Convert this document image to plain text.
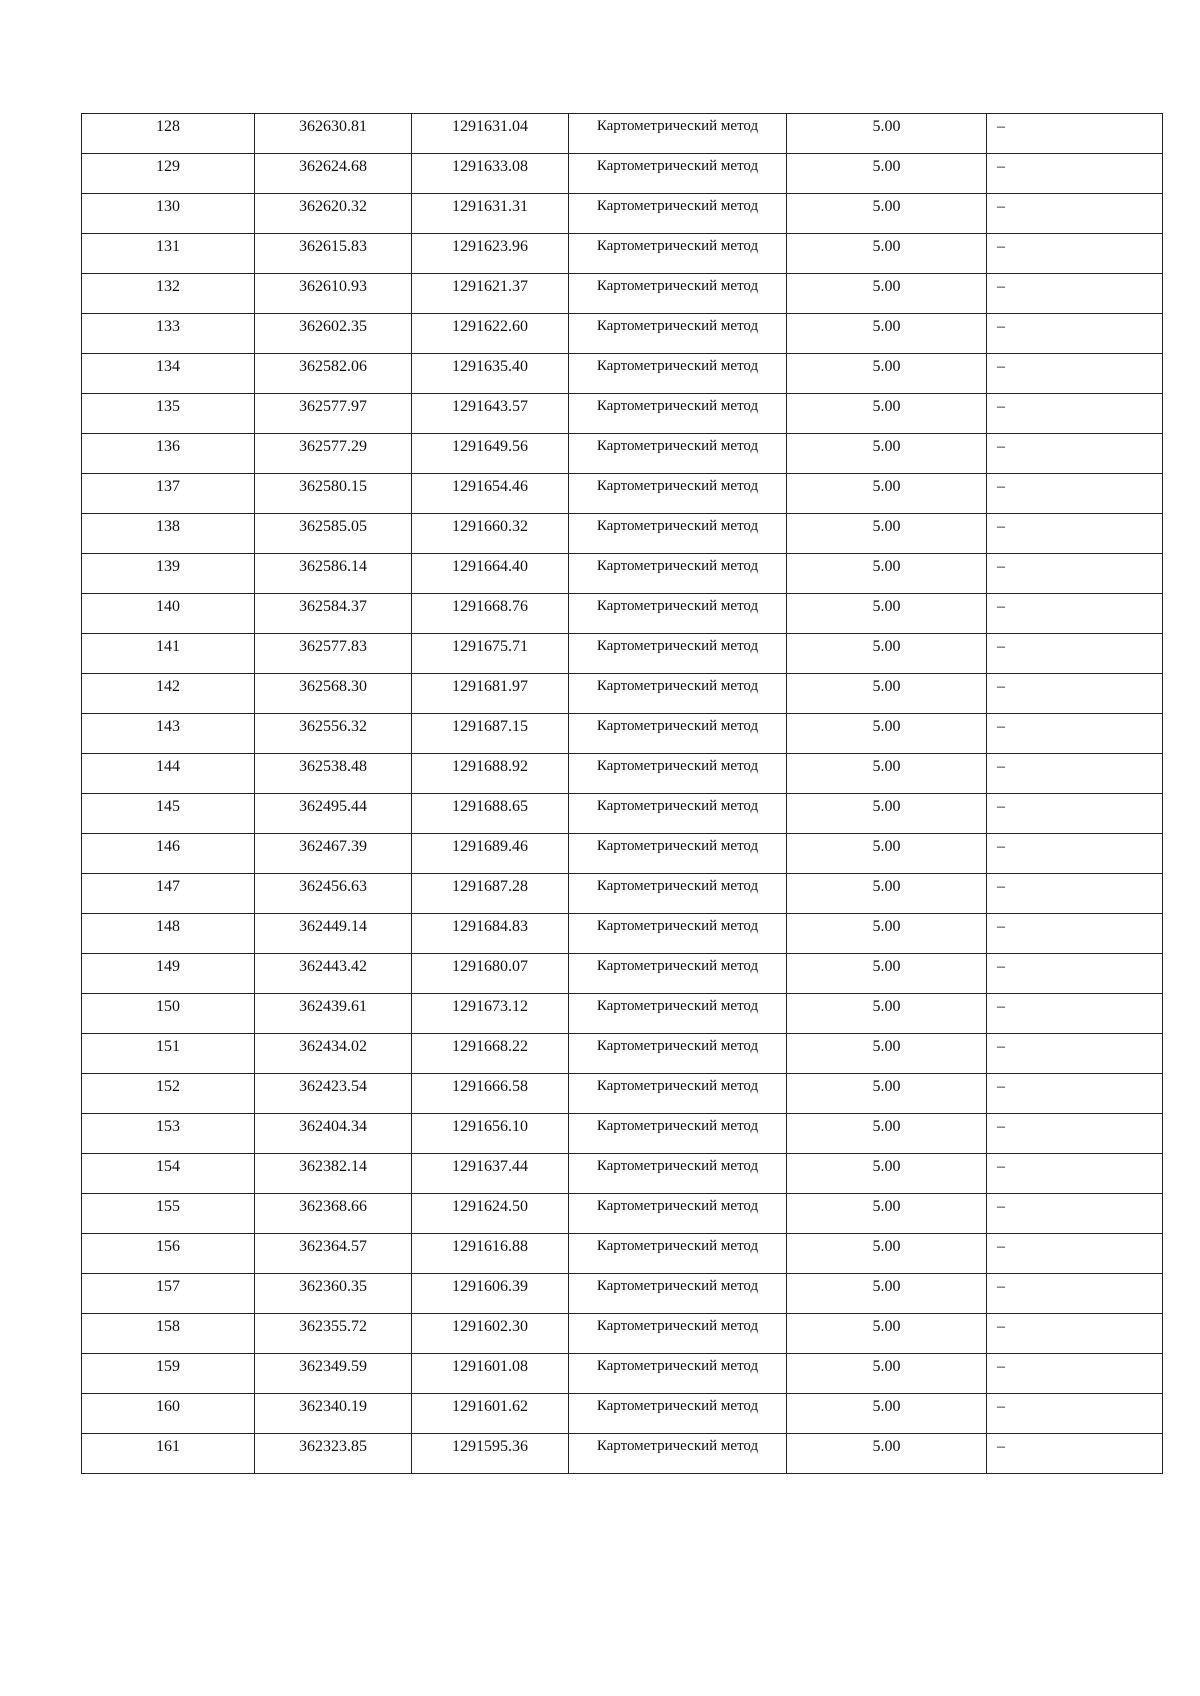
128	362630.81	1291631.04	Картометрический метод	5.00	–
129	362624.68	1291633.08	Картометрический метод	5.00	–
130	362620.32	1291631.31	Картометрический метод	5.00	–
131	362615.83	1291623.96	Картометрический метод	5.00	–
132	362610.93	1291621.37	Картометрический метод	5.00	–
133	362602.35	1291622.60	Картометрический метод	5.00	–
134	362582.06	1291635.40	Картометрический метод	5.00	–
135	362577.97	1291643.57	Картометрический метод	5.00	–
136	362577.29	1291649.56	Картометрический метод	5.00	–
137	362580.15	1291654.46	Картометрический метод	5.00	–
138	362585.05	1291660.32	Картометрический метод	5.00	–
139	362586.14	1291664.40	Картометрический метод	5.00	–
140	362584.37	1291668.76	Картометрический метод	5.00	–
141	362577.83	1291675.71	Картометрический метод	5.00	–
142	362568.30	1291681.97	Картометрический метод	5.00	–
143	362556.32	1291687.15	Картометрический метод	5.00	–
144	362538.48	1291688.92	Картометрический метод	5.00	–
145	362495.44	1291688.65	Картометрический метод	5.00	–
146	362467.39	1291689.46	Картометрический метод	5.00	–
147	362456.63	1291687.28	Картометрический метод	5.00	–
148	362449.14	1291684.83	Картометрический метод	5.00	–
149	362443.42	1291680.07	Картометрический метод	5.00	–
150	362439.61	1291673.12	Картометрический метод	5.00	–
151	362434.02	1291668.22	Картометрический метод	5.00	–
152	362423.54	1291666.58	Картометрический метод	5.00	–
153	362404.34	1291656.10	Картометрический метод	5.00	–
154	362382.14	1291637.44	Картометрический метод	5.00	–
155	362368.66	1291624.50	Картометрический метод	5.00	–
156	362364.57	1291616.88	Картометрический метод	5.00	–
157	362360.35	1291606.39	Картометрический метод	5.00	–
158	362355.72	1291602.30	Картометрический метод	5.00	–
159	362349.59	1291601.08	Картометрический метод	5.00	–
160	362340.19	1291601.62	Картометрический метод	5.00	–
161	362323.85	1291595.36	Картометрический метод	5.00	–
